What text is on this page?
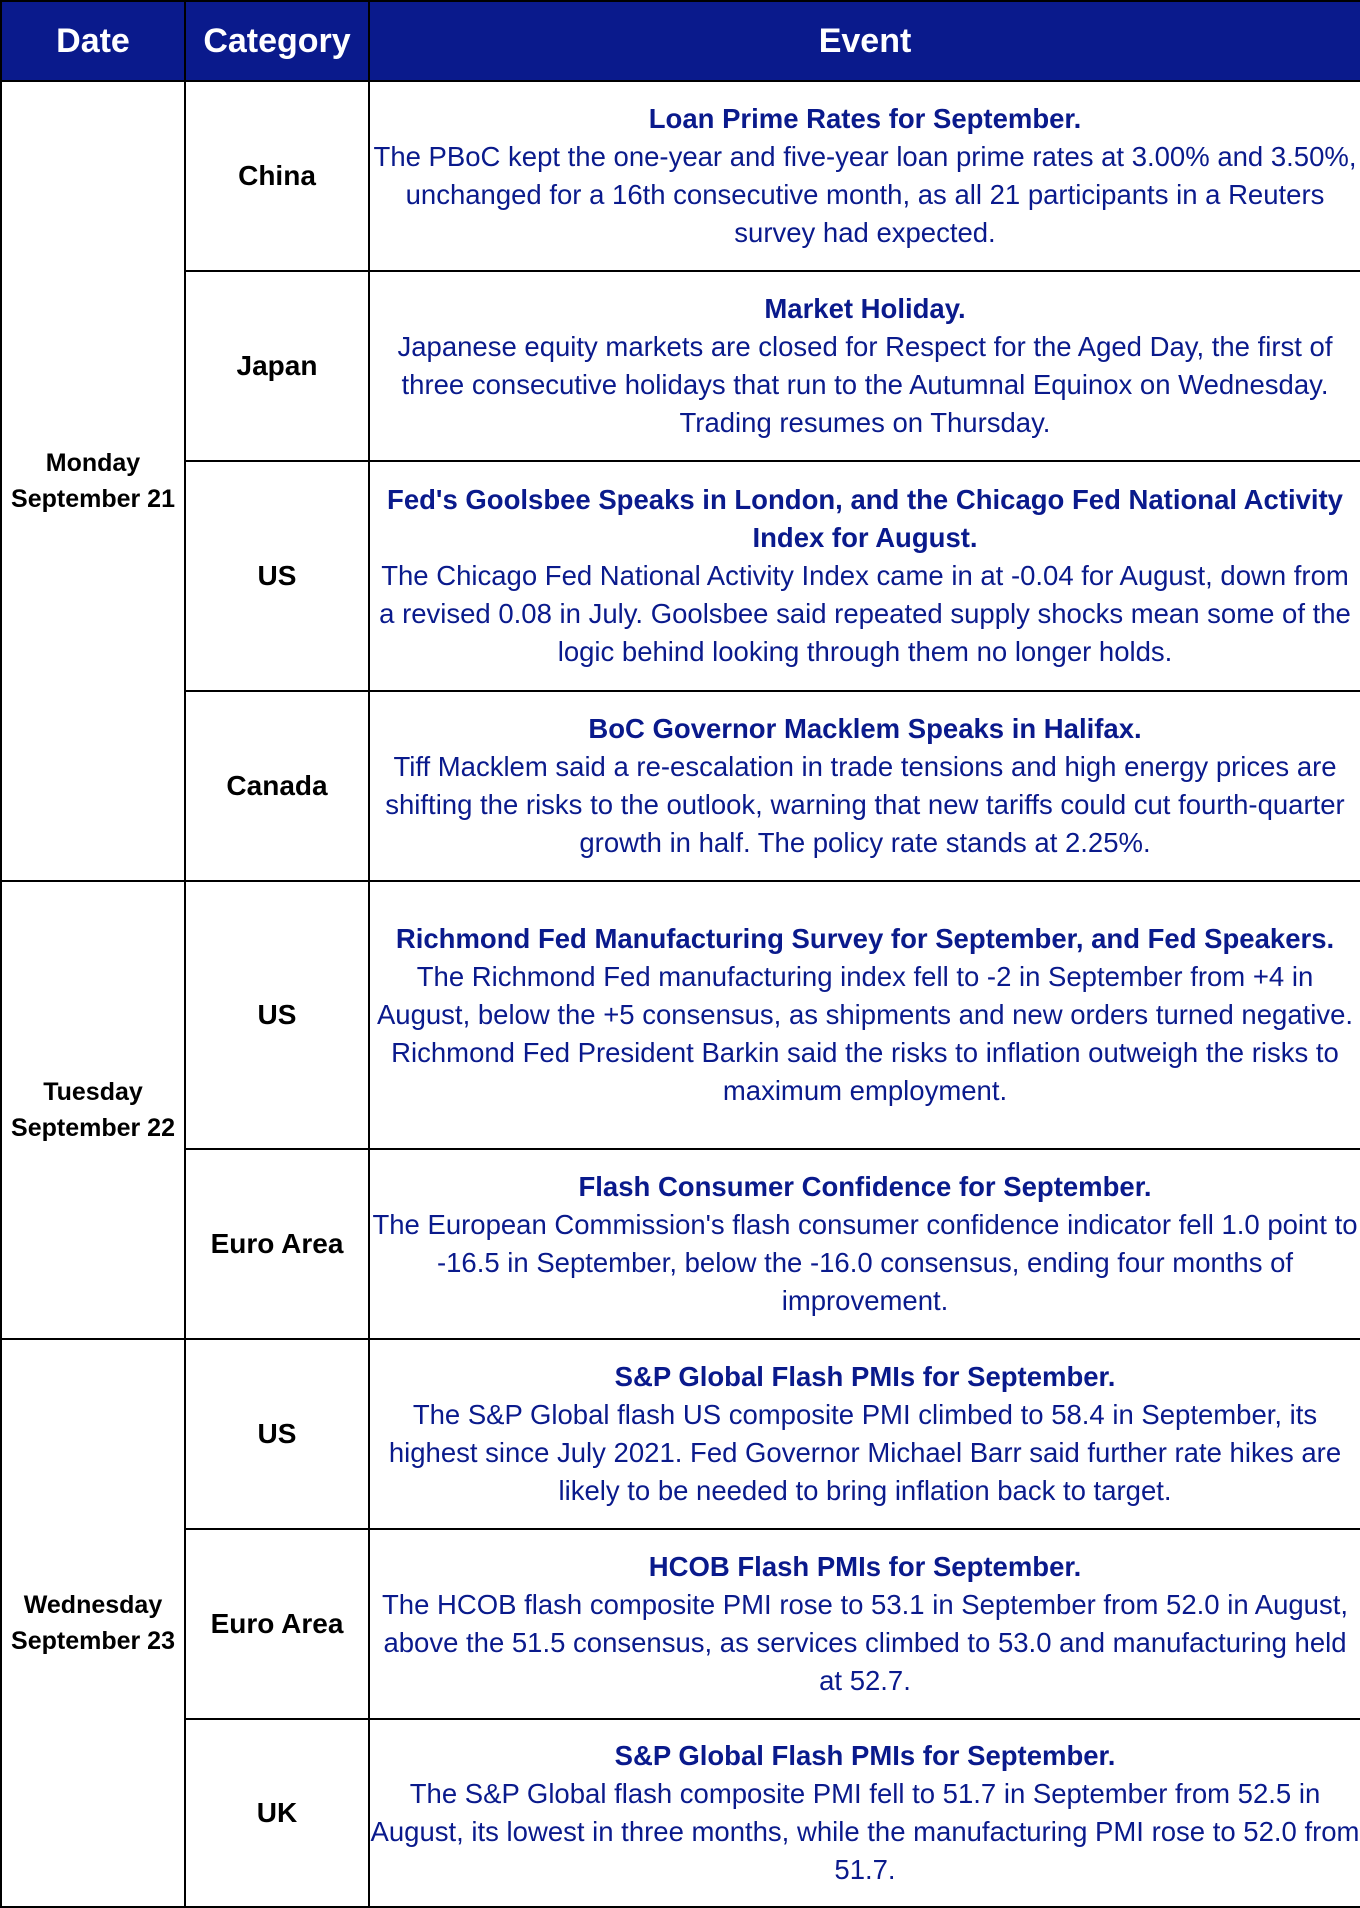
Date	Category	Event

Monday
September 21	China	Loan Prime Rates for September.
The PBoC kept the one-year and five-year loan prime rates at 3.00% and 3.50%, unchanged for a 16th consecutive month, as all 21 participants in a Reuters survey had expected.

	Japan	Market Holiday.
Japanese equity markets are closed for Respect for the Aged Day, the first of three consecutive holidays that run to the Autumnal Equinox on Wednesday. Trading resumes on Thursday.

	US	Fed's Goolsbee Speaks in London, and the Chicago Fed National Activity Index for August.
The Chicago Fed National Activity Index came in at -0.04 for August, down from a revised 0.08 in July. Goolsbee said repeated supply shocks mean some of the logic behind looking through them no longer holds.

	Canada	BoC Governor Macklem Speaks in Halifax.
Tiff Macklem said a re-escalation in trade tensions and high energy prices are shifting the risks to the outlook, warning that new tariffs could cut fourth-quarter growth in half. The policy rate stands at 2.25%.

Tuesday
September 22	US	Richmond Fed Manufacturing Survey for September, and Fed Speakers.
The Richmond Fed manufacturing index fell to -2 in September from +4 in August, below the +5 consensus, as shipments and new orders turned negative. Richmond Fed President Barkin said the risks to inflation outweigh the risks to maximum employment.

	Euro Area	Flash Consumer Confidence for September.
The European Commission's flash consumer confidence indicator fell 1.0 point to -16.5 in September, below the -16.0 consensus, ending four months of improvement.

Wednesday
September 23	US	S&P Global Flash PMIs for September.
The S&P Global flash US composite PMI climbed to 58.4 in September, its highest since July 2021. Fed Governor Michael Barr said further rate hikes are likely to be needed to bring inflation back to target.

	Euro Area	HCOB Flash PMIs for September.
The HCOB flash composite PMI rose to 53.1 in September from 52.0 in August, above the 51.5 consensus, as services climbed to 53.0 and manufacturing held at 52.7.

	UK	S&P Global Flash PMIs for September.
The S&P Global flash composite PMI fell to 51.7 in September from 52.5 in August, its lowest in three months, while the manufacturing PMI rose to 52.0 from 51.7.
